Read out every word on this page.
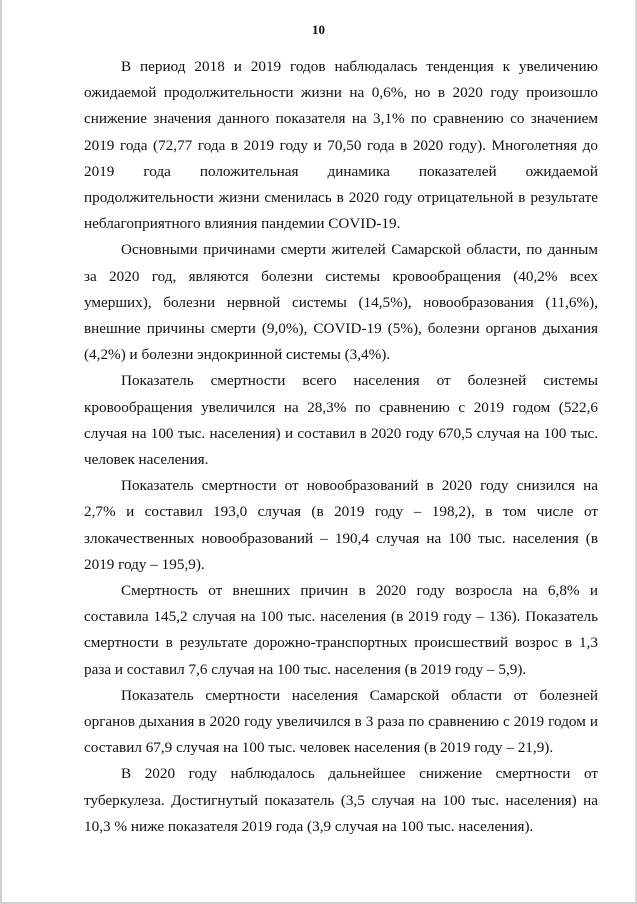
10

В период 2018 и 2019 годов наблюдалась тенденция к увеличению ожидаемой продолжительности жизни на 0,6%, но в 2020 году произошло снижение значения данного показателя на 3,1% по сравнению со значением 2019 года (72,77 года в 2019 году и 70,50 года в 2020 году). Многолетняя до 2019 года положительная динамика показателей ожидаемой продолжительности жизни сменилась в 2020 году отрицательной в результате неблагоприятного влияния пандемии COVID-19.

Основными причинами смерти жителей Самарской области, по данным за 2020 год, являются болезни системы кровообращения (40,2% всех умерших), болезни нервной системы (14,5%), новообразования (11,6%), внешние причины смерти (9,0%), COVID-19 (5%), болезни органов дыхания (4,2%) и болезни эндокринной системы (3,4%).

Показатель смертности всего населения от болезней системы кровообращения увеличился на 28,3% по сравнению с 2019 годом (522,6 случая на 100 тыс. населения) и составил в 2020 году 670,5 случая на 100 тыс. человек населения.

Показатель смертности от новообразований в 2020 году снизился на 2,7% и составил 193,0 случая (в 2019 году – 198,2), в том числе от злокачественных новообразований – 190,4 случая на 100 тыс. населения (в 2019 году – 195,9).

Смертность от внешних причин в 2020 году возросла на 6,8% и составила 145,2 случая на 100 тыс. населения (в 2019 году – 136). Показатель смертности в результате дорожно-транспортных происшествий возрос в 1,3 раза и составил 7,6 случая на 100 тыс. населения (в 2019 году – 5,9).

Показатель смертности населения Самарской области от болезней органов дыхания в 2020 году увеличился в 3 раза по сравнению с 2019 годом и составил 67,9 случая на 100 тыс. человек населения (в 2019 году – 21,9).

В 2020 году наблюдалось дальнейшее снижение смертности от туберкулеза. Достигнутый показатель (3,5 случая на 100 тыс. населения) на 10,3 % ниже показателя 2019 года (3,9 случая на 100 тыс. населения).
